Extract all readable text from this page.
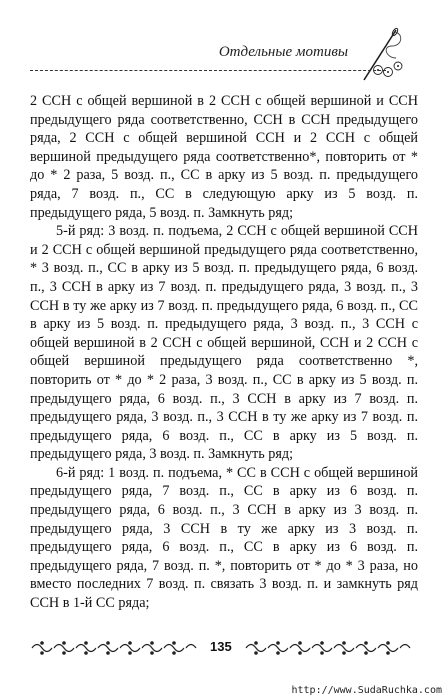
Отдельные мотивы

2 ССН с общей вершиной в 2 ССН с общей вершиной и ССН предыдущего ряда соответственно, ССН в ССН предыдущего ряда, 2 ССН с общей вершиной ССН и 2 ССН с общей вершиной предыдущего ряда соответственно*, повторить от * до * 2 раза, 5 возд. п., СС в арку из 5 возд. п. предыдущего ряда, 7 возд. п., СС в следующую арку из 5 возд. п. предыдущего ряда, 5 возд. п. Замкнуть ряд;

5-й ряд: 3 возд. п. подъема, 2 ССН с общей вершиной ССН и 2 ССН с общей вершиной предыдущего ряда соответственно, * 3 возд. п., СС в арку из 5 возд. п. предыдущего ряда, 6 возд. п., 3 ССН в арку из 7 возд. п. предыдущего ряда, 3 возд. п., 3 ССН в ту же арку из 7 возд. п. предыдущего ряда, 6 возд. п., СС в арку из 5 возд. п. предыдущего ряда, 3 возд. п., 3 ССН с общей вершиной в 2 ССН с общей вершиной, ССН и 2 ССН с общей вершиной предыдущего ряда соответственно *, повторить от * до * 2 раза, 3 возд. п., СС в арку из 5 возд. п. предыдущего ряда, 6 возд. п., 3 ССН в арку из 7 возд. п. предыдущего ряда, 3 возд. п., 3 ССН в ту же арку из 7 возд. п. предыдущего ряда, 6 возд. п., СС в арку из 5 возд. п. предыдущего ряда, 3 возд. п. Замкнуть ряд;

6-й ряд: 1 возд. п. подъема, * СС в ССН с общей вершиной предыдущего ряда, 7 возд. п., СС в арку из 6 возд. п. предыдущего ряда, 6 возд. п., 3 ССН в арку из 3 возд. п. предыдущего ряда, 3 ССН в ту же арку из 3 возд. п. предыдущего ряда, 6 возд. п., СС в арку из 6 возд. п. предыдущего ряда, 7 возд. п. *, повторить от * до * 3 раза, но вместо последних 7 возд. п. связать 3 возд. п. и замкнуть ряд ССН в 1-й СС ряда;

135
http://www.SudaRuchka.com
